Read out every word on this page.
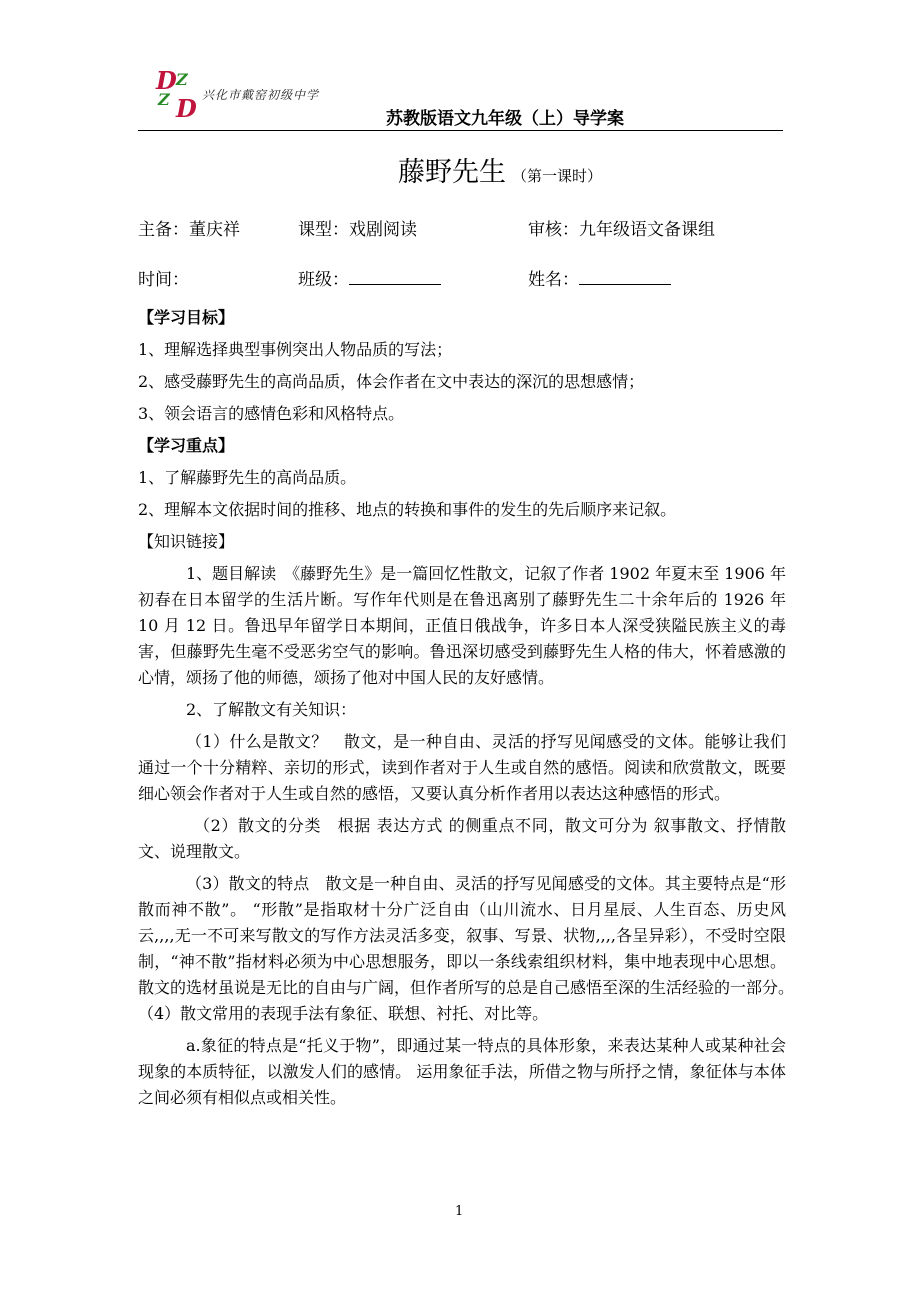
D Z
Z D 兴化市戴窑初级中学
苏教版语文九年级（上）导学案
藤野先生 （第一课时）
主备：董庆祥	课型：戏剧阅读	审核：九年级语文备课组
时间：	班级：	姓名：
【学习目标】

1、理解选择典型事例突出人物品质的写法；

2、感受藤野先生的高尚品质，体会作者在文中表达的深沉的思想感情；

3、领会语言的感情色彩和风格特点。

【学习重点】

1、了解藤野先生的高尚品质。

2、理解本文依据时间的推移、地点的转换和事件的发生的先后顺序来记叙。

【知识链接】

1、题目解读　《藤野先生》是一篇回忆性散文，记叙了作者 1902 年夏末至 1906 年初春在日本留学的生活片断。写作年代则是在鲁迅离别了藤野先生二十余年后的 1926 年 10 月 12 日。鲁迅早年留学日本期间，正值日俄战争，许多日本人深受狭隘民族主义的毒害，但藤野先生毫不受恶劣空气的影响。鲁迅深切感受到藤野先生人格的伟大，怀着感激的心情，颂扬了他的师德，颂扬了他对中国人民的友好感情。

2、了解散文有关知识：

（1）什么是散文？　散文，是一种自由、灵活的抒写见闻感受的文体。能够让我们通过一个十分精粹、亲切的形式，读到作者对于人生或自然的感悟。阅读和欣赏散文，既要细心领会作者对于人生或自然的感悟，又要认真分析作者用以表达这种感悟的形式。

（2）散文的分类　根据 表达方式 的侧重点不同，散文可分为 叙事散文、抒情散文、说理散文。

（3）散文的特点　散文是一种自由、灵活的抒写见闻感受的文体。其主要特点是“形散而神不散”。 “形散”是指取材十分广泛自由（山川流水、日月星辰、人生百态、历史风云,,,,无一不可来写散文的写作方法灵活多变，叙事、写景、状物,,,,各呈异彩），不受时空限制，“神不散”指材料必须为中心思想服务，即以一条线索组织材料，集中地表现中心思想。散文的选材虽说是无比的自由与广阔，但作者所写的总是自己感悟至深的生活经验的一部分。　　（4）散文常用的表现手法有象征、联想、衬托、对比等。

a.象征的特点是“托义于物”，即通过某一特点的具体形象，来表达某种人或某种社会现象的本质特征，以激发人们的感情。 运用象征手法，所借之物与所抒之情，象征体与本体之间必须有相似点或相关性。

1
